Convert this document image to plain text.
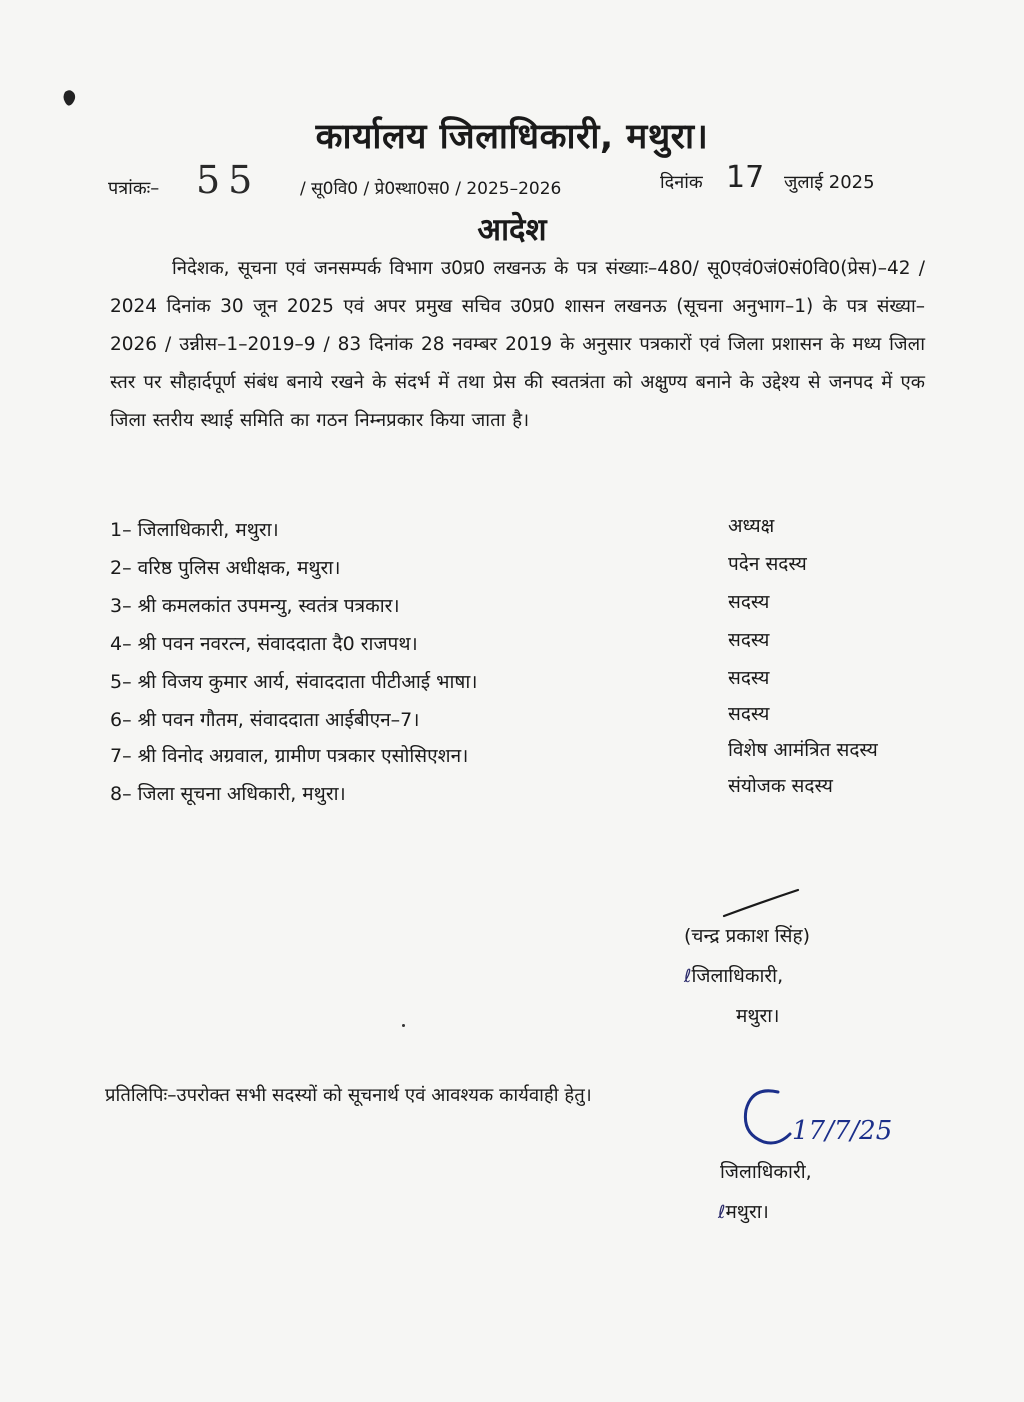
कार्यालय जिलाधिकारी, मथुरा।
पत्रांकः– 55 / सू0वि0 / प्रे0स्था0स0 / 2025–2026	दिनांक 17 जुलाई 2025
आदेश
निदेशक, सूचना एवं जनसम्पर्क विभाग उ0प्र0 लखनऊ के पत्र संख्याः–480/ सू0एवं0जं0सं0वि0(प्रेस)–42 / 2024 दिनांक 30 जून 2025 एवं अपर प्रमुख सचिव उ0प्र0 शासन लखनऊ (सूचना अनुभाग–1) के पत्र संख्या–2026 / उन्नीस–1–2019–9 / 83 दिनांक 28 नवम्बर 2019 के अनुसार पत्रकारों एवं जिला प्रशासन के मध्य जिला स्तर पर सौहार्दपूर्ण संबंध बनाये रखने के संदर्भ में तथा प्रेस की स्वतत्रंता को अक्षुण्य बनाने के उद्देश्य से जनपद में एक जिला स्तरीय स्थाई समिति का गठन निम्नप्रकार किया जाता है।
1– जिलाधिकारी, मथुरा।	अध्यक्ष
2– वरिष्ठ पुलिस अधीक्षक, मथुरा।	पदेन सदस्य
3– श्री कमलकांत उपमन्यु, स्वतंत्र पत्रकार।	सदस्य
4– श्री पवन नवरत्न, संवाददाता दै0 राजपथ।	सदस्य
5– श्री विजय कुमार आर्य, संवाददाता पीटीआई भाषा।	सदस्य
6– श्री पवन गौतम, संवाददाता आईबीएन–7।	सदस्य
7– श्री विनोद अग्रवाल, ग्रामीण पत्रकार एसोसिएशन।	विशेष आमंत्रित सदस्य
8– जिला सूचना अधिकारी, मथुरा।	संयोजक सदस्य
(चन्द्र प्रकाश सिंह)
ℓजिलाधिकारी,
मथुरा।
प्रतिलिपिः–उपरोक्त सभी सदस्यों को सूचनार्थ एवं आवश्यक कार्यवाही हेतु।
17/7/25
जिलाधिकारी,
ℓमथुरा।
